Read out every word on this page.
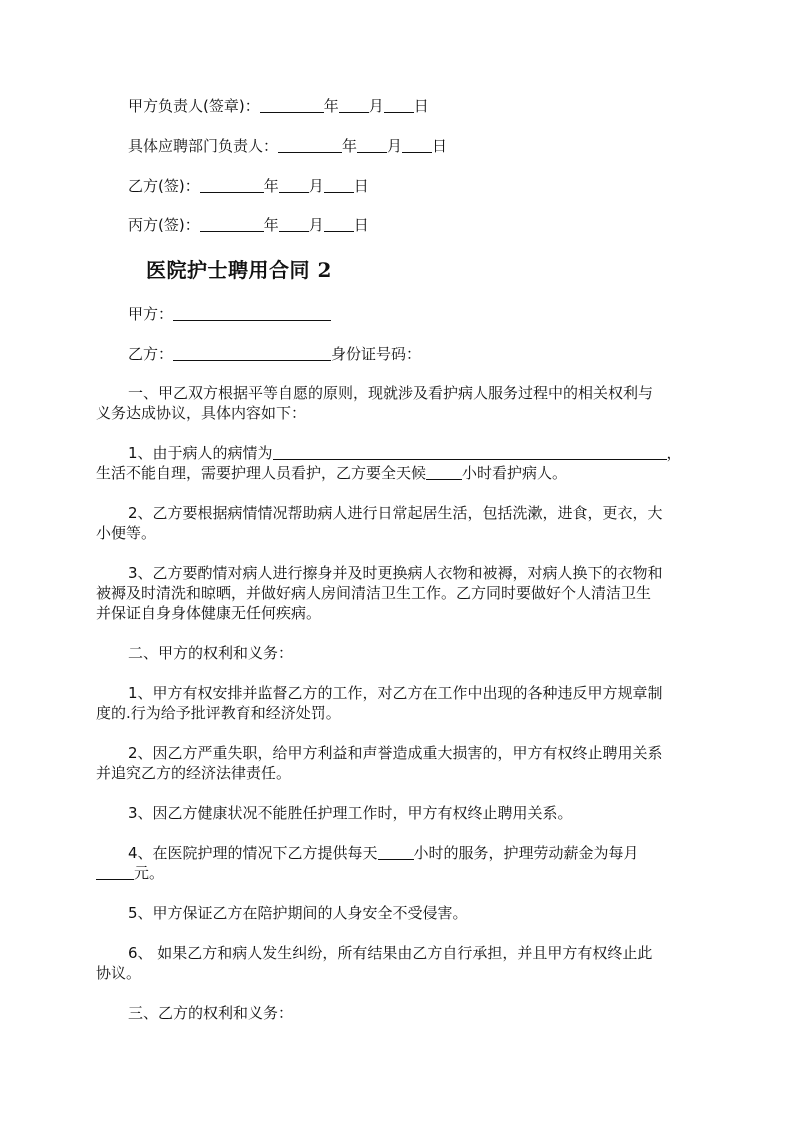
甲方负责人(签章)：	年 月 日
具体应聘部门负责人：	年 月 日
乙方(签)：	年 月 日
丙方(签)：	年 月 日
医院护士聘用合同 2
甲方：
乙方：	身份证号码：
一、甲乙双方根据平等自愿的原则，现就涉及看护病人服务过程中的相关权利与
义务达成协议，具体内容如下：
1、由于病人的病情为	，
生活不能自理，需要护理人员看护，乙方要全天候 小时看护病人。
2、乙方要根据病情情况帮助病人进行日常起居生活，包括洗漱，进食，更衣，大
小便等。
3、乙方要酌情对病人进行擦身并及时更换病人衣物和被褥，对病人换下的衣物和
被褥及时清洗和晾晒，并做好病人房间清洁卫生工作。乙方同时要做好个人清洁卫生
并保证自身身体健康无任何疾病。
二、甲方的权利和义务：
1、甲方有权安排并监督乙方的工作，对乙方在工作中出现的各种违反甲方规章制
度的.行为给予批评教育和经济处罚。
2、因乙方严重失职，给甲方利益和声誉造成重大损害的，甲方有权终止聘用关系
并追究乙方的经济法律责任。
3、因乙方健康状况不能胜任护理工作时，甲方有权终止聘用关系。
4、在医院护理的情况下乙方提供每天 小时的服务，护理劳动薪金为每月
元。
5、甲方保证乙方在陪护期间的人身安全不受侵害。
6、 如果乙方和病人发生纠纷，所有结果由乙方自行承担，并且甲方有权终止此
协议。
三、乙方的权利和义务：
